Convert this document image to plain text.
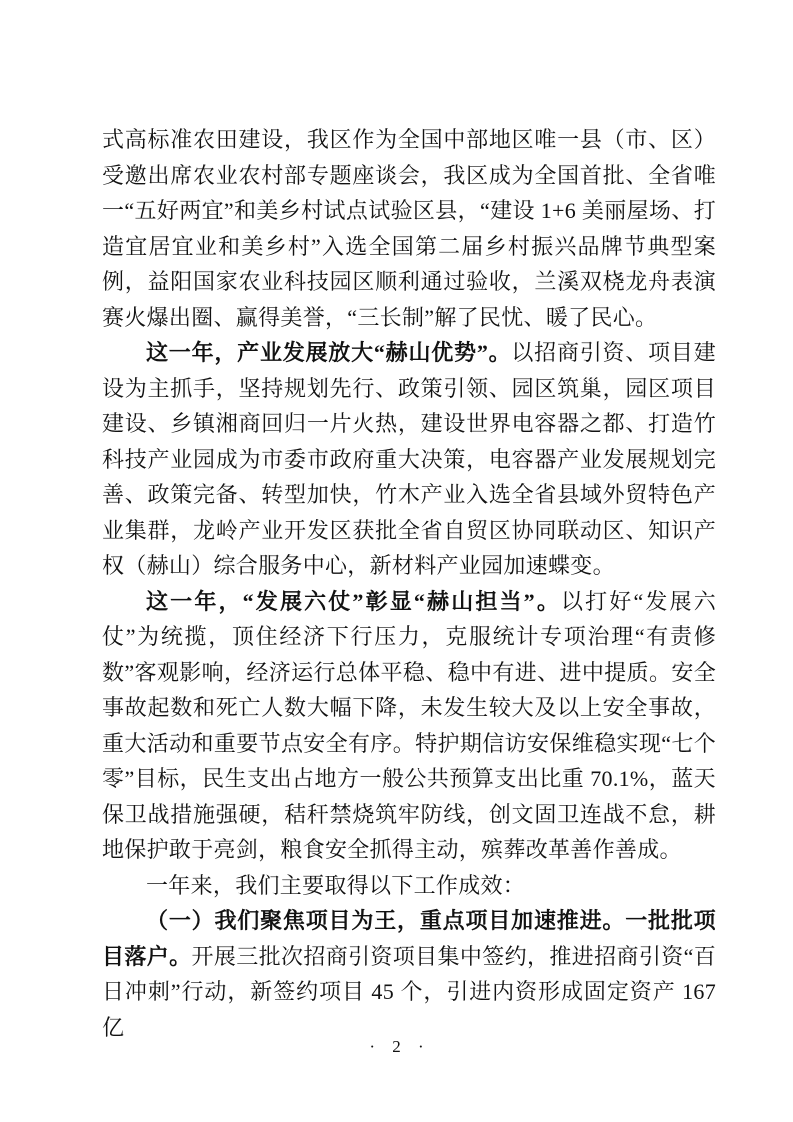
式高标准农田建设，我区作为全国中部地区唯一县（市、区）受邀出席农业农村部专题座谈会，我区成为全国首批、全省唯一“五好两宜”和美乡村试点试验区县，“建设 1+6 美丽屋场、打造宜居宜业和美乡村”入选全国第二届乡村振兴品牌节典型案例，益阳国家农业科技园区顺利通过验收，兰溪双桡龙舟表演赛火爆出圈、赢得美誉，“三长制”解了民忧、暖了民心。

这一年，产业发展放大“赫山优势”。以招商引资、项目建设为主抓手，坚持规划先行、政策引领、园区筑巢，园区项目建设、乡镇湘商回归一片火热，建设世界电容器之都、打造竹科技产业园成为市委市政府重大决策，电容器产业发展规划完善、政策完备、转型加快，竹木产业入选全省县域外贸特色产业集群，龙岭产业开发区获批全省自贸区协同联动区、知识产权（赫山）综合服务中心，新材料产业园加速蝶变。

这一年，“发展六仗”彰显“赫山担当”。以打好“发展六仗”为统揽，顶住经济下行压力，克服统计专项治理“有责修数”客观影响，经济运行总体平稳、稳中有进、进中提质。安全事故起数和死亡人数大幅下降，未发生较大及以上安全事故，重大活动和重要节点安全有序。特护期信访安保维稳实现“七个零”目标，民生支出占地方一般公共预算支出比重 70.1%，蓝天保卫战措施强硬，秸秆禁烧筑牢防线，创文固卫连战不怠，耕地保护敢于亮剑，粮食安全抓得主动，殡葬改革善作善成。

一年来，我们主要取得以下工作成效：

（一）我们聚焦项目为王，重点项目加速推进。一批批项目落户。开展三批次招商引资项目集中签约，推进招商引资“百日冲刺”行动，新签约项目 45 个，引进内资形成固定资产 167 亿

· 2 ·
